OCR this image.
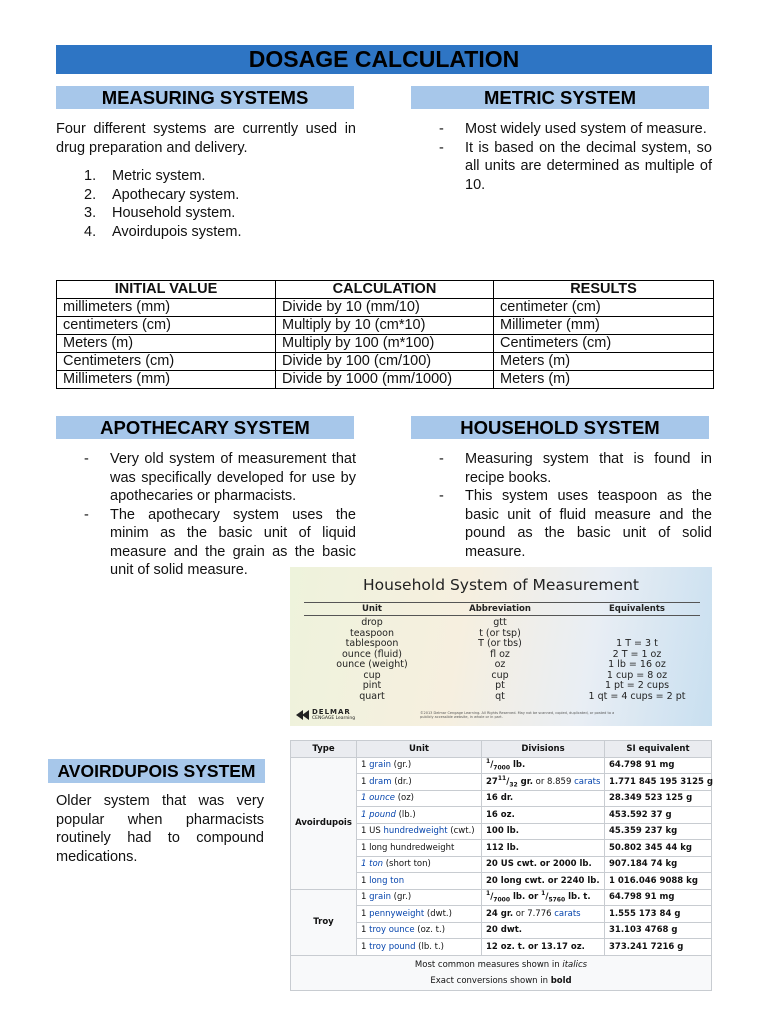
DOSAGE CALCULATION
MEASURING SYSTEMS
Four different systems are currently used in drug preparation and delivery.
1. Metric system.
2. Apothecary system.
3. Household system.
4. Avoirdupois system.
METRIC SYSTEM
- Most widely used system of measure.
- It is based on the decimal system, so all units are determined as multiple of 10.
INITIAL VALUE	CALCULATION	RESULTS
millimeters (mm)	Divide by 10 (mm/10)	centimeter (cm)
centimeters (cm)	Multiply by 10 (cm*10)	Millimeter (mm)
Meters (m)	Multiply by 100 (m*100)	Centimeters (cm)
Centimeters (cm)	Divide by 100 (cm/100)	Meters (m)
Millimeters (mm)	Divide by 1000 (mm/1000)	Meters (m)
APOTHECARY SYSTEM
- Very old system of measurement that was specifically developed for use by apothecaries or pharmacists.
- The apothecary system uses the minim as the basic unit of liquid measure and the grain as the basic unit of solid measure.
HOUSEHOLD SYSTEM
- Measuring system that is found in recipe books.
- This system uses teaspoon as the basic unit of fluid measure and the pound as the basic unit of solid measure.
Household System of Measurement
Unit	Abbreviation	Equivalents
drop	gtt
teaspoon	t (or tsp)
tablespoon	T (or tbs)	1 T = 3 t
ounce (fluid)	fl oz	2 T = 1 oz
ounce (weight)	oz	1 lb = 16 oz
cup	cup	1 cup = 8 oz
pint	pt	1 pt = 2 cups
quart	qt	1 qt = 4 cups = 2 pt
DELMAR
CENGAGE Learning
©2013 Delmar Cengage Learning. All Rights Reserved. May not be scanned, copied, duplicated, or posted to a publicly accessible website, in whole or in part.
AVOIRDUPOIS SYSTEM
Older system that was very popular when pharmacists routinely had to compound medications.
Type	Unit	Divisions	SI equivalent
Avoirdupois	1 grain (gr.)	$^1/_{7000}$ lb.	64.798 91 mg
	1 dram (dr.)	$27^{11}/_{32}$ gr. or 8.859 carats	1.771 845 195 3125 g
	1 ounce (oz)	16 dr.	28.349 523 125 g
	1 pound (lb.)	16 oz.	453.592 37 g
	1 US hundredweight (cwt.)	100 lb.	45.359 237 kg
	1 long hundredweight	112 lb.	50.802 345 44 kg
	1 ton (short ton)	20 US cwt. or 2000 lb.	907.184 74 kg
	1 long ton	20 long cwt. or 2240 lb.	1 016.046 9088 kg
Troy	1 grain (gr.)	$^1/_{7000}$ lb. or $^1/_{5760}$ lb. t.	64.798 91 mg
	1 pennyweight (dwt.)	24 gr. or 7.776 carats	1.555 173 84 g
	1 troy ounce (oz. t.)	20 dwt.	31.103 4768 g
	1 troy pound (lb. t.)	12 oz. t. or 13.17 oz.	373.241 7216 g

Most common measures shown in italics
Exact conversions shown in bold			
